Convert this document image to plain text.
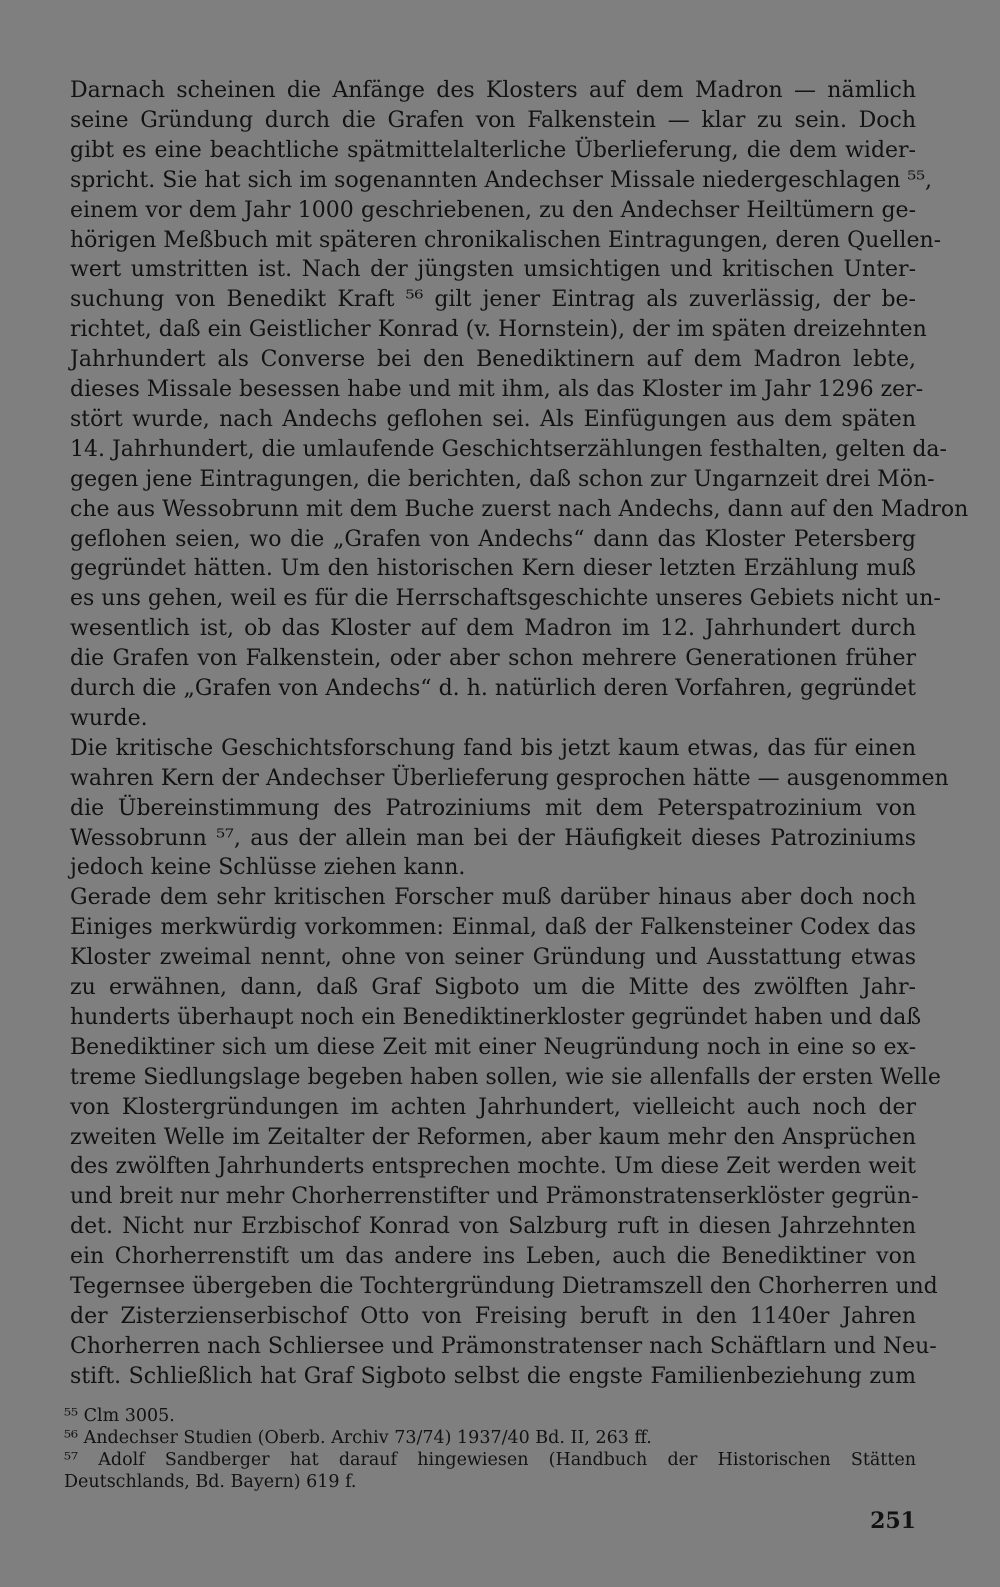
Darnach scheinen die Anfänge des Klosters auf dem Madron — nämlich
seine Gründung durch die Grafen von Falkenstein — klar zu sein. Doch
gibt es eine beachtliche spätmittelalterliche Überlieferung, die dem wider-
spricht. Sie hat sich im sogenannten Andechser Missale niedergeschlagen ⁵⁵,
einem vor dem Jahr 1000 geschriebenen, zu den Andechser Heiltümern ge-
hörigen Meßbuch mit späteren chronikalischen Eintragungen, deren Quellen-
wert umstritten ist. Nach der jüngsten umsichtigen und kritischen Unter-
suchung von Benedikt Kraft ⁵⁶ gilt jener Eintrag als zuverlässig, der be-
richtet, daß ein Geistlicher Konrad (v. Hornstein), der im späten dreizehnten
Jahrhundert als Converse bei den Benediktinern auf dem Madron lebte,
dieses Missale besessen habe und mit ihm, als das Kloster im Jahr 1296 zer-
stört wurde, nach Andechs geflohen sei. Als Einfügungen aus dem späten
14. Jahrhundert, die umlaufende Geschichtserzählungen festhalten, gelten da-
gegen jene Eintragungen, die berichten, daß schon zur Ungarnzeit drei Mön-
che aus Wessobrunn mit dem Buche zuerst nach Andechs, dann auf den Madron
geflohen seien, wo die „Grafen von Andechs“ dann das Kloster Petersberg
gegründet hätten. Um den historischen Kern dieser letzten Erzählung muß
es uns gehen, weil es für die Herrschaftsgeschichte unseres Gebiets nicht un-
wesentlich ist, ob das Kloster auf dem Madron im 12. Jahrhundert durch
die Grafen von Falkenstein, oder aber schon mehrere Generationen früher
durch die „Grafen von Andechs“ d. h. natürlich deren Vorfahren, gegründet
wurde.
Die kritische Geschichtsforschung fand bis jetzt kaum etwas, das für einen
wahren Kern der Andechser Überlieferung gesprochen hätte — ausgenommen
die Übereinstimmung des Patroziniums mit dem Peterspatrozinium von
Wessobrunn ⁵⁷, aus der allein man bei der Häufigkeit dieses Patroziniums
jedoch keine Schlüsse ziehen kann.
Gerade dem sehr kritischen Forscher muß darüber hinaus aber doch noch
Einiges merkwürdig vorkommen: Einmal, daß der Falkensteiner Codex das
Kloster zweimal nennt, ohne von seiner Gründung und Ausstattung etwas
zu erwähnen, dann, daß Graf Sigboto um die Mitte des zwölften Jahr-
hunderts überhaupt noch ein Benediktinerkloster gegründet haben und daß
Benediktiner sich um diese Zeit mit einer Neugründung noch in eine so ex-
treme Siedlungslage begeben haben sollen, wie sie allenfalls der ersten Welle
von Klostergründungen im achten Jahrhundert, vielleicht auch noch der
zweiten Welle im Zeitalter der Reformen, aber kaum mehr den Ansprüchen
des zwölften Jahrhunderts entsprechen mochte. Um diese Zeit werden weit
und breit nur mehr Chorherrenstifter und Prämonstratenserklöster gegrün-
det. Nicht nur Erzbischof Konrad von Salzburg ruft in diesen Jahrzehnten
ein Chorherrenstift um das andere ins Leben, auch die Benediktiner von
Tegernsee übergeben die Tochtergründung Dietramszell den Chorherren und
der Zisterzienserbischof Otto von Freising beruft in den 1140er Jahren
Chorherren nach Schliersee und Prämonstratenser nach Schäftlarn und Neu-
stift. Schließlich hat Graf Sigboto selbst die engste Familienbeziehung zum
⁵⁵ Clm 3005.
⁵⁶ Andechser Studien (Oberb. Archiv 73/74) 1937/40 Bd. II, 263 ff.
⁵⁷ Adolf Sandberger hat darauf hingewiesen (Handbuch der Historischen Stätten
Deutschlands, Bd. Bayern) 619 f.
251
